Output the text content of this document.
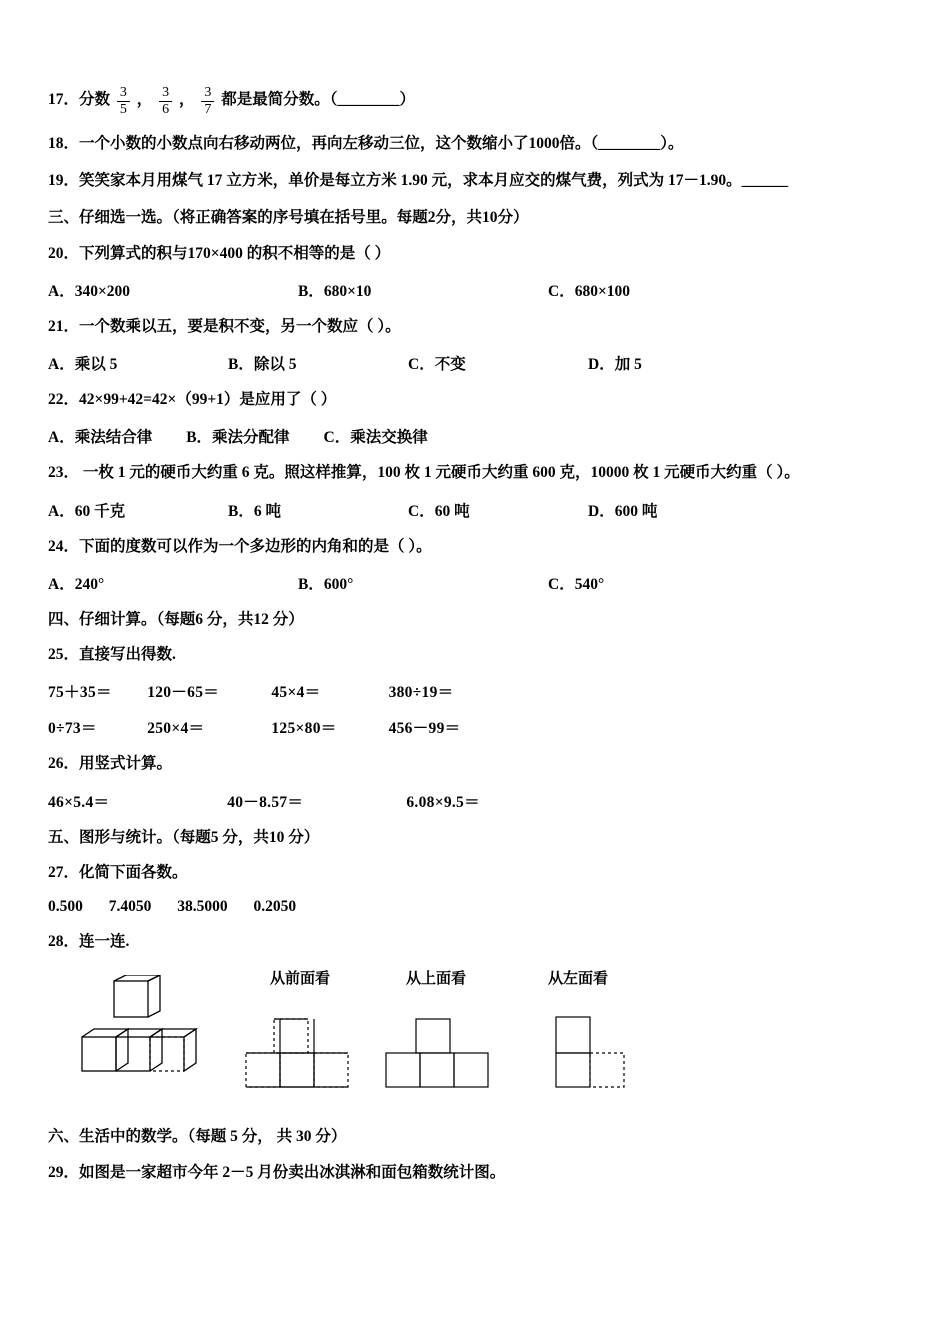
17．分数 $\frac{3}{5}$ ， $\frac{3}{6}$ ， $\frac{3}{7}$ 都是最简分数。（________）
18．一个小数的小数点向右移动两位，再向左移动三位，这个数缩小了1000倍。（________）。
19．笑笑家本月用煤气 17 立方米，单价是每立方米 1.90 元，求本月应交的煤气费，列式为 17－1.90。______
三、仔细选一选。（将正确答案的序号填在括号里。每题2分，共10分）
20．下列算式的积与170×400 的积不相等的是（ ）
A．340×200	B．680×10	C．680×100
21．一个数乘以五，要是积不变，另一个数应（ ）。
A．乘以 5	B．除以 5	C．不变	D．加 5
22．42×99+42=42×（99+1）是应用了（ ）
A．乘法结合律 B．乘法分配律 C．乘法交换律
23． 一枚 1 元的硬币大约重 6 克。照这样推算，100 枚 1 元硬币大约重 600 克，10000 枚 1 元硬币大约重（ ）。
A．60 千克	B．6 吨	C．60 吨	D．600 吨
24．下面的度数可以作为一个多边形的内角和的是（ ）。
A．240°	B．600°	C．540°
四、仔细计算。（每题6 分，共12 分）
25．直接写出得数.
75＋35＝ 120－65＝	45×4＝	380÷19＝
0÷73＝	250×4＝	125×80＝	456－99＝
26．用竖式计算。
46×5.4＝	40－8.57＝	6.08×9.5＝
五、图形与统计。（每题5 分，共10 分）
27．化简下面各数。
0.500 7.4050 38.5000 0.2050
28．连一连.
从前面看	从上面看	从左面看
六、生活中的数学。（每题 5 分， 共 30 分）
29．如图是一家超市今年 2－5 月份卖出冰淇淋和面包箱数统计图。
